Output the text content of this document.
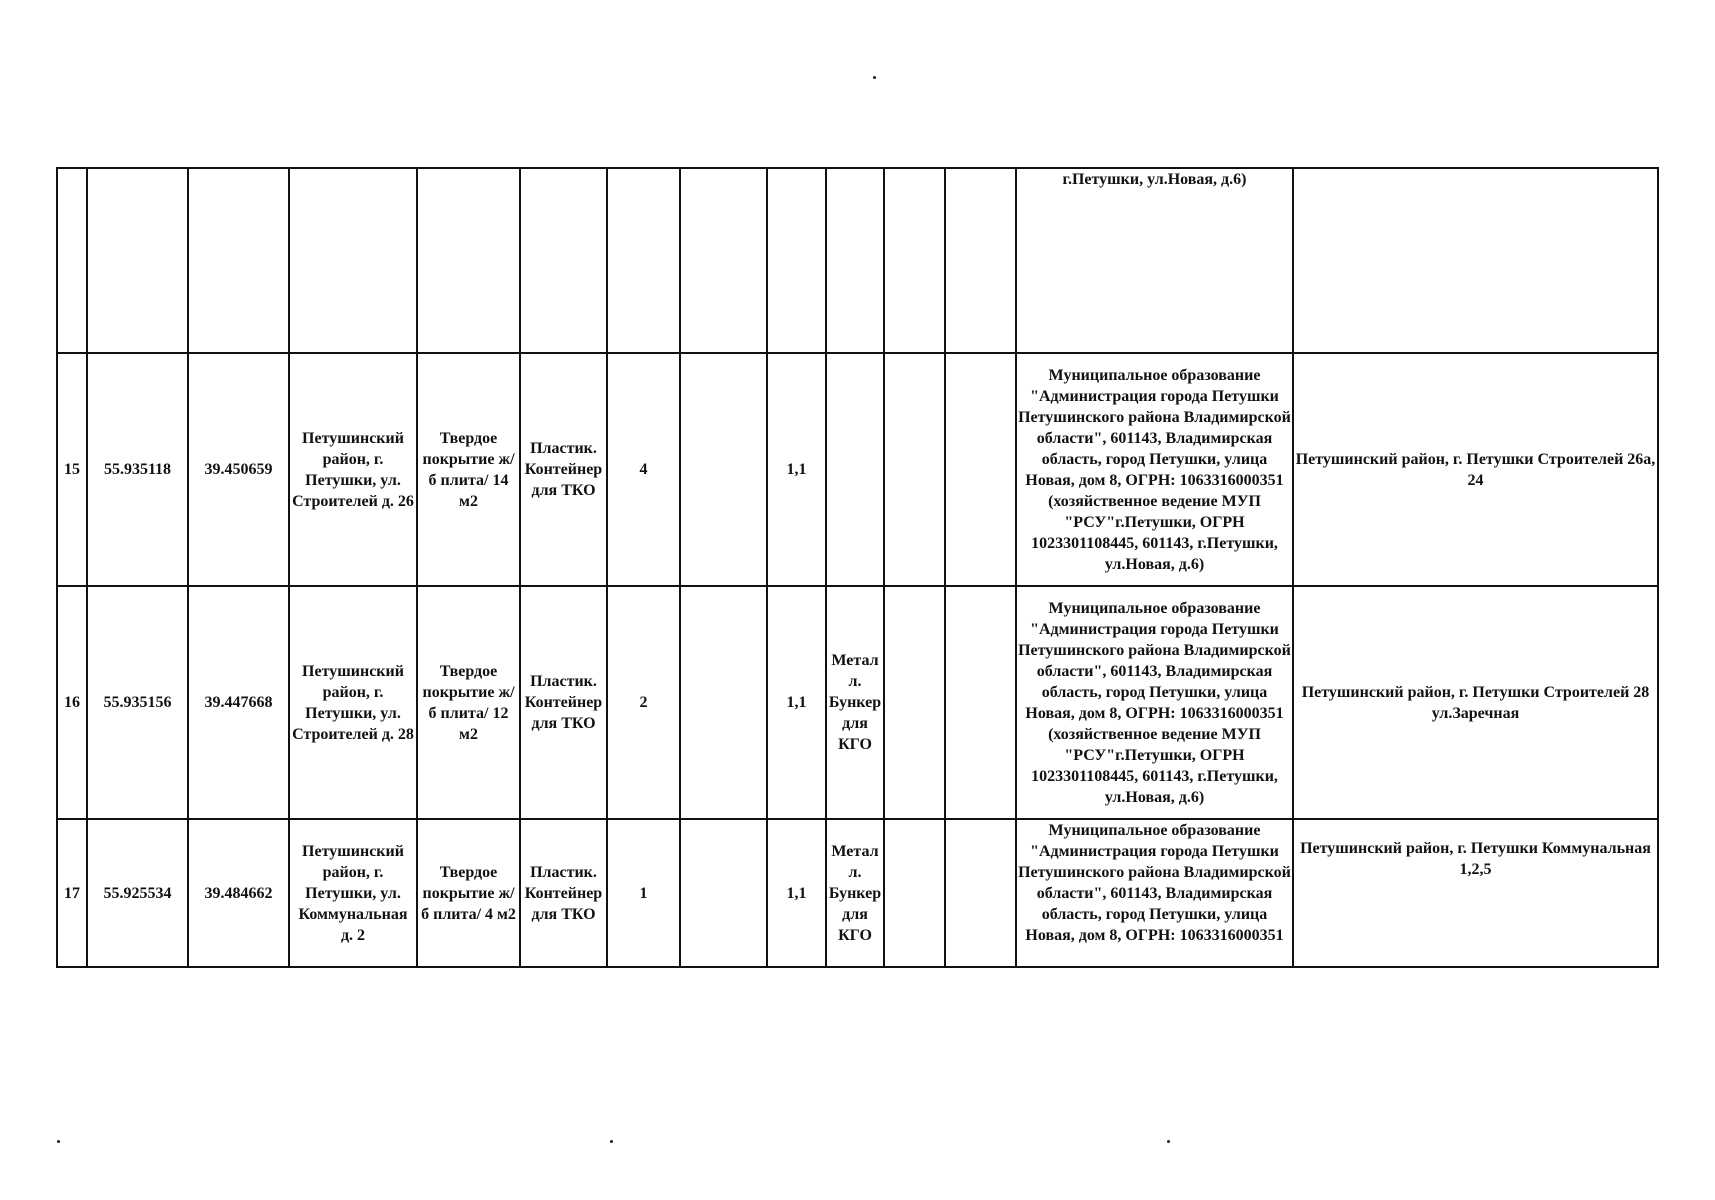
												г.Петушки, ул.Новая, д.6)	
15	55.935118	39.450659	Петушинский район, г. Петушки, ул. Строителей д. 26	Твердое покрытие ж/б плита/ 14 м2	Пластик. Контейнер для ТКО	4		1,1				Муниципальное образование "Администрация города Петушки Петушинского района Владимирской области", 601143, Владимирская область, город Петушки, улица Новая, дом 8, ОГРН: 1063316000351 (хозяйственное ведение МУП "РСУ"г.Петушки, ОГРН 1023301108445, 601143, г.Петушки, ул.Новая, д.6)	Петушинский район, г. Петушки Строителей 26а, 24
16	55.935156	39.447668	Петушинский район, г. Петушки, ул. Строителей д. 28	Твердое покрытие ж/б плита/ 12 м2	Пластик. Контейнер для ТКО	2		1,1	Метал л. Бункер для КГО			Муниципальное образование "Администрация города Петушки Петушинского района Владимирской области", 601143, Владимирская область, город Петушки, улица Новая, дом 8, ОГРН: 1063316000351 (хозяйственное ведение МУП "РСУ"г.Петушки, ОГРН 1023301108445, 601143, г.Петушки, ул.Новая, д.6)	Петушинский район, г. Петушки Строителей 28 ул.Заречная
17	55.925534	39.484662	Петушинский район, г. Петушки, ул. Коммунальная д. 2	Твердое покрытие ж/б плита/ 4 м2	Пластик. Контейнер для ТКО	1		1,1	Метал л. Бункер для КГО			Муниципальное образование "Администрация города Петушки Петушинского района Владимирской области", 601143, Владимирская область, город Петушки, улица Новая, дом 8, ОГРН: 1063316000351	Петушинский район, г. Петушки Коммунальная 1,2,5
